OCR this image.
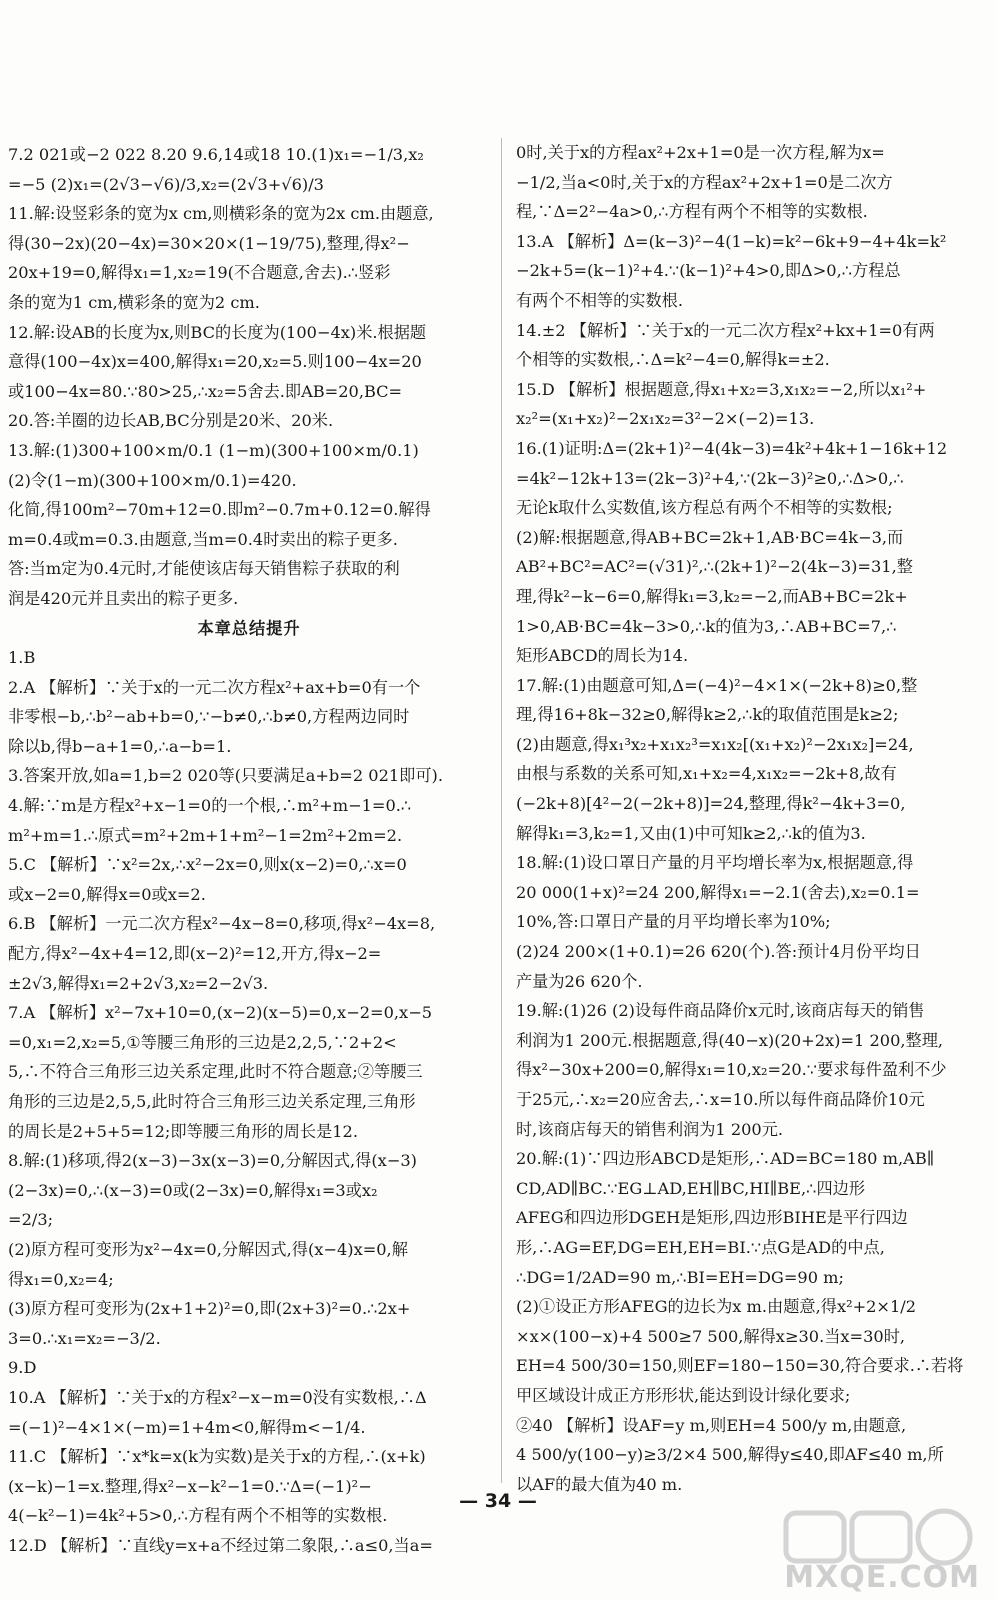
7.2 021或−2 022 8.20 9.6,14或18 10.(1)x₁=−1/3,x₂

=−5 (2)x₁=(2√3−√6)/3,x₂=(2√3+√6)/3

11.解:设竖彩条的宽为x cm,则横彩条的宽为2x cm.由题意,

得(30−2x)(20−4x)=30×20×(1−19/75),整理,得x²−

20x+19=0,解得x₁=1,x₂=19(不合题意,舍去).∴竖彩

条的宽为1 cm,横彩条的宽为2 cm.

12.解:设AB的长度为x,则BC的长度为(100−4x)米.根据题

意得(100−4x)x=400,解得x₁=20,x₂=5.则100−4x=20

或100−4x=80.∵80>25,∴x₂=5舍去.即AB=20,BC=

20.答:羊圈的边长AB,BC分别是20米、20米.

13.解:(1)300+100×m/0.1 (1−m)(300+100×m/0.1)

(2)令(1−m)(300+100×m/0.1)=420.

化简,得100m²−70m+12=0.即m²−0.7m+0.12=0.解得

m=0.4或m=0.3.由题意,当m=0.4时卖出的粽子更多.

答:当m定为0.4元时,才能使该店每天销售粽子获取的利

润是420元并且卖出的粽子更多.

本章总结提升

1.B

2.A 【解析】∵关于x的一元二次方程x²+ax+b=0有一个

非零根−b,∴b²−ab+b=0,∵−b≠0,∴b≠0,方程两边同时

除以b,得b−a+1=0,∴a−b=1.

3.答案开放,如a=1,b=2 020等(只要满足a+b=2 021即可).

4.解:∵m是方程x²+x−1=0的一个根,∴m²+m−1=0.∴

m²+m=1.∴原式=m²+2m+1+m²−1=2m²+2m=2.

5.C 【解析】∵x²=2x,∴x²−2x=0,则x(x−2)=0,∴x=0

或x−2=0,解得x=0或x=2.

6.B 【解析】一元二次方程x²−4x−8=0,移项,得x²−4x=8,

配方,得x²−4x+4=12,即(x−2)²=12,开方,得x−2=

±2√3,解得x₁=2+2√3,x₂=2−2√3.

7.A 【解析】x²−7x+10=0,(x−2)(x−5)=0,x−2=0,x−5

=0,x₁=2,x₂=5,①等腰三角形的三边是2,2,5,∵2+2<

5,∴不符合三角形三边关系定理,此时不符合题意;②等腰三

角形的三边是2,5,5,此时符合三角形三边关系定理,三角形

的周长是2+5+5=12;即等腰三角形的周长是12.

8.解:(1)移项,得2(x−3)−3x(x−3)=0,分解因式,得(x−3)

(2−3x)=0,∴(x−3)=0或(2−3x)=0,解得x₁=3或x₂

=2/3;

(2)原方程可变形为x²−4x=0,分解因式,得(x−4)x=0,解

得x₁=0,x₂=4;

(3)原方程可变形为(2x+1+2)²=0,即(2x+3)²=0.∴2x+

3=0.∴x₁=x₂=−3/2.

9.D

10.A 【解析】∵关于x的方程x²−x−m=0没有实数根,∴Δ

=(−1)²−4×1×(−m)=1+4m<0,解得m<−1/4.

11.C 【解析】∵x*k=x(k为实数)是关于x的方程,∴(x+k)

(x−k)−1=x.整理,得x²−x−k²−1=0.∵Δ=(−1)²−

4(−k²−1)=4k²+5>0,∴方程有两个不相等的实数根.

12.D 【解析】∵直线y=x+a不经过第二象限,∴a≤0,当a=

0时,关于x的方程ax²+2x+1=0是一次方程,解为x=

−1/2,当a<0时,关于x的方程ax²+2x+1=0是二次方

程,∵Δ=2²−4a>0,∴方程有两个不相等的实数根.

13.A 【解析】Δ=(k−3)²−4(1−k)=k²−6k+9−4+4k=k²

−2k+5=(k−1)²+4.∵(k−1)²+4>0,即Δ>0,∴方程总

有两个不相等的实数根.

14.±2 【解析】∵关于x的一元二次方程x²+kx+1=0有两

个相等的实数根,∴Δ=k²−4=0,解得k=±2.

15.D 【解析】根据题意,得x₁+x₂=3,x₁x₂=−2,所以x₁²+

x₂²=(x₁+x₂)²−2x₁x₂=3²−2×(−2)=13.

16.(1)证明:Δ=(2k+1)²−4(4k−3)=4k²+4k+1−16k+12

=4k²−12k+13=(2k−3)²+4,∵(2k−3)²≥0,∴Δ>0,∴

无论k取什么实数值,该方程总有两个不相等的实数根;

(2)解:根据题意,得AB+BC=2k+1,AB·BC=4k−3,而

AB²+BC²=AC²=(√31)²,∴(2k+1)²−2(4k−3)=31,整

理,得k²−k−6=0,解得k₁=3,k₂=−2,而AB+BC=2k+

1>0,AB·BC=4k−3>0,∴k的值为3,∴AB+BC=7,∴

矩形ABCD的周长为14.

17.解:(1)由题意可知,Δ=(−4)²−4×1×(−2k+8)≥0,整

理,得16+8k−32≥0,解得k≥2,∴k的取值范围是k≥2;

(2)由题意,得x₁³x₂+x₁x₂³=x₁x₂[(x₁+x₂)²−2x₁x₂]=24,

由根与系数的关系可知,x₁+x₂=4,x₁x₂=−2k+8,故有

(−2k+8)[4²−2(−2k+8)]=24,整理,得k²−4k+3=0,

解得k₁=3,k₂=1,又由(1)中可知k≥2,∴k的值为3.

18.解:(1)设口罩日产量的月平均增长率为x,根据题意,得

20 000(1+x)²=24 200,解得x₁=−2.1(舍去),x₂=0.1=

10%,答:口罩日产量的月平均增长率为10%;

(2)24 200×(1+0.1)=26 620(个).答:预计4月份平均日

产量为26 620个.

19.解:(1)26 (2)设每件商品降价x元时,该商店每天的销售

利润为1 200元.根据题意,得(40−x)(20+2x)=1 200,整理,

得x²−30x+200=0,解得x₁=10,x₂=20.∵要求每件盈利不少

于25元,∴x₂=20应舍去,∴x=10.所以每件商品降价10元

时,该商店每天的销售利润为1 200元.

20.解:(1)∵四边形ABCD是矩形,∴AD=BC=180 m,AB∥

CD,AD∥BC.∵EG⊥AD,EH∥BC,HI∥BE,∴四边形

AFEG和四边形DGEH是矩形,四边形BIHE是平行四边

形,∴AG=EF,DG=EH,EH=BI.∵点G是AD的中点,

∴DG=1/2AD=90 m,∴BI=EH=DG=90 m;

(2)①设正方形AFEG的边长为x m.由题意,得x²+2×1/2

×x×(100−x)+4 500≥7 500,解得x≥30.当x=30时,

EH=4 500/30=150,则EF=180−150=30,符合要求.∴若将

甲区域设计成正方形形状,能达到设计绿化要求;

②40 【解析】设AF=y m,则EH=4 500/y m,由题意,

4 500/y(100−y)≥3/2×4 500,解得y≤40,即AF≤40 m,所

以AF的最大值为40 m.

— 34 —
MXQE.COM
